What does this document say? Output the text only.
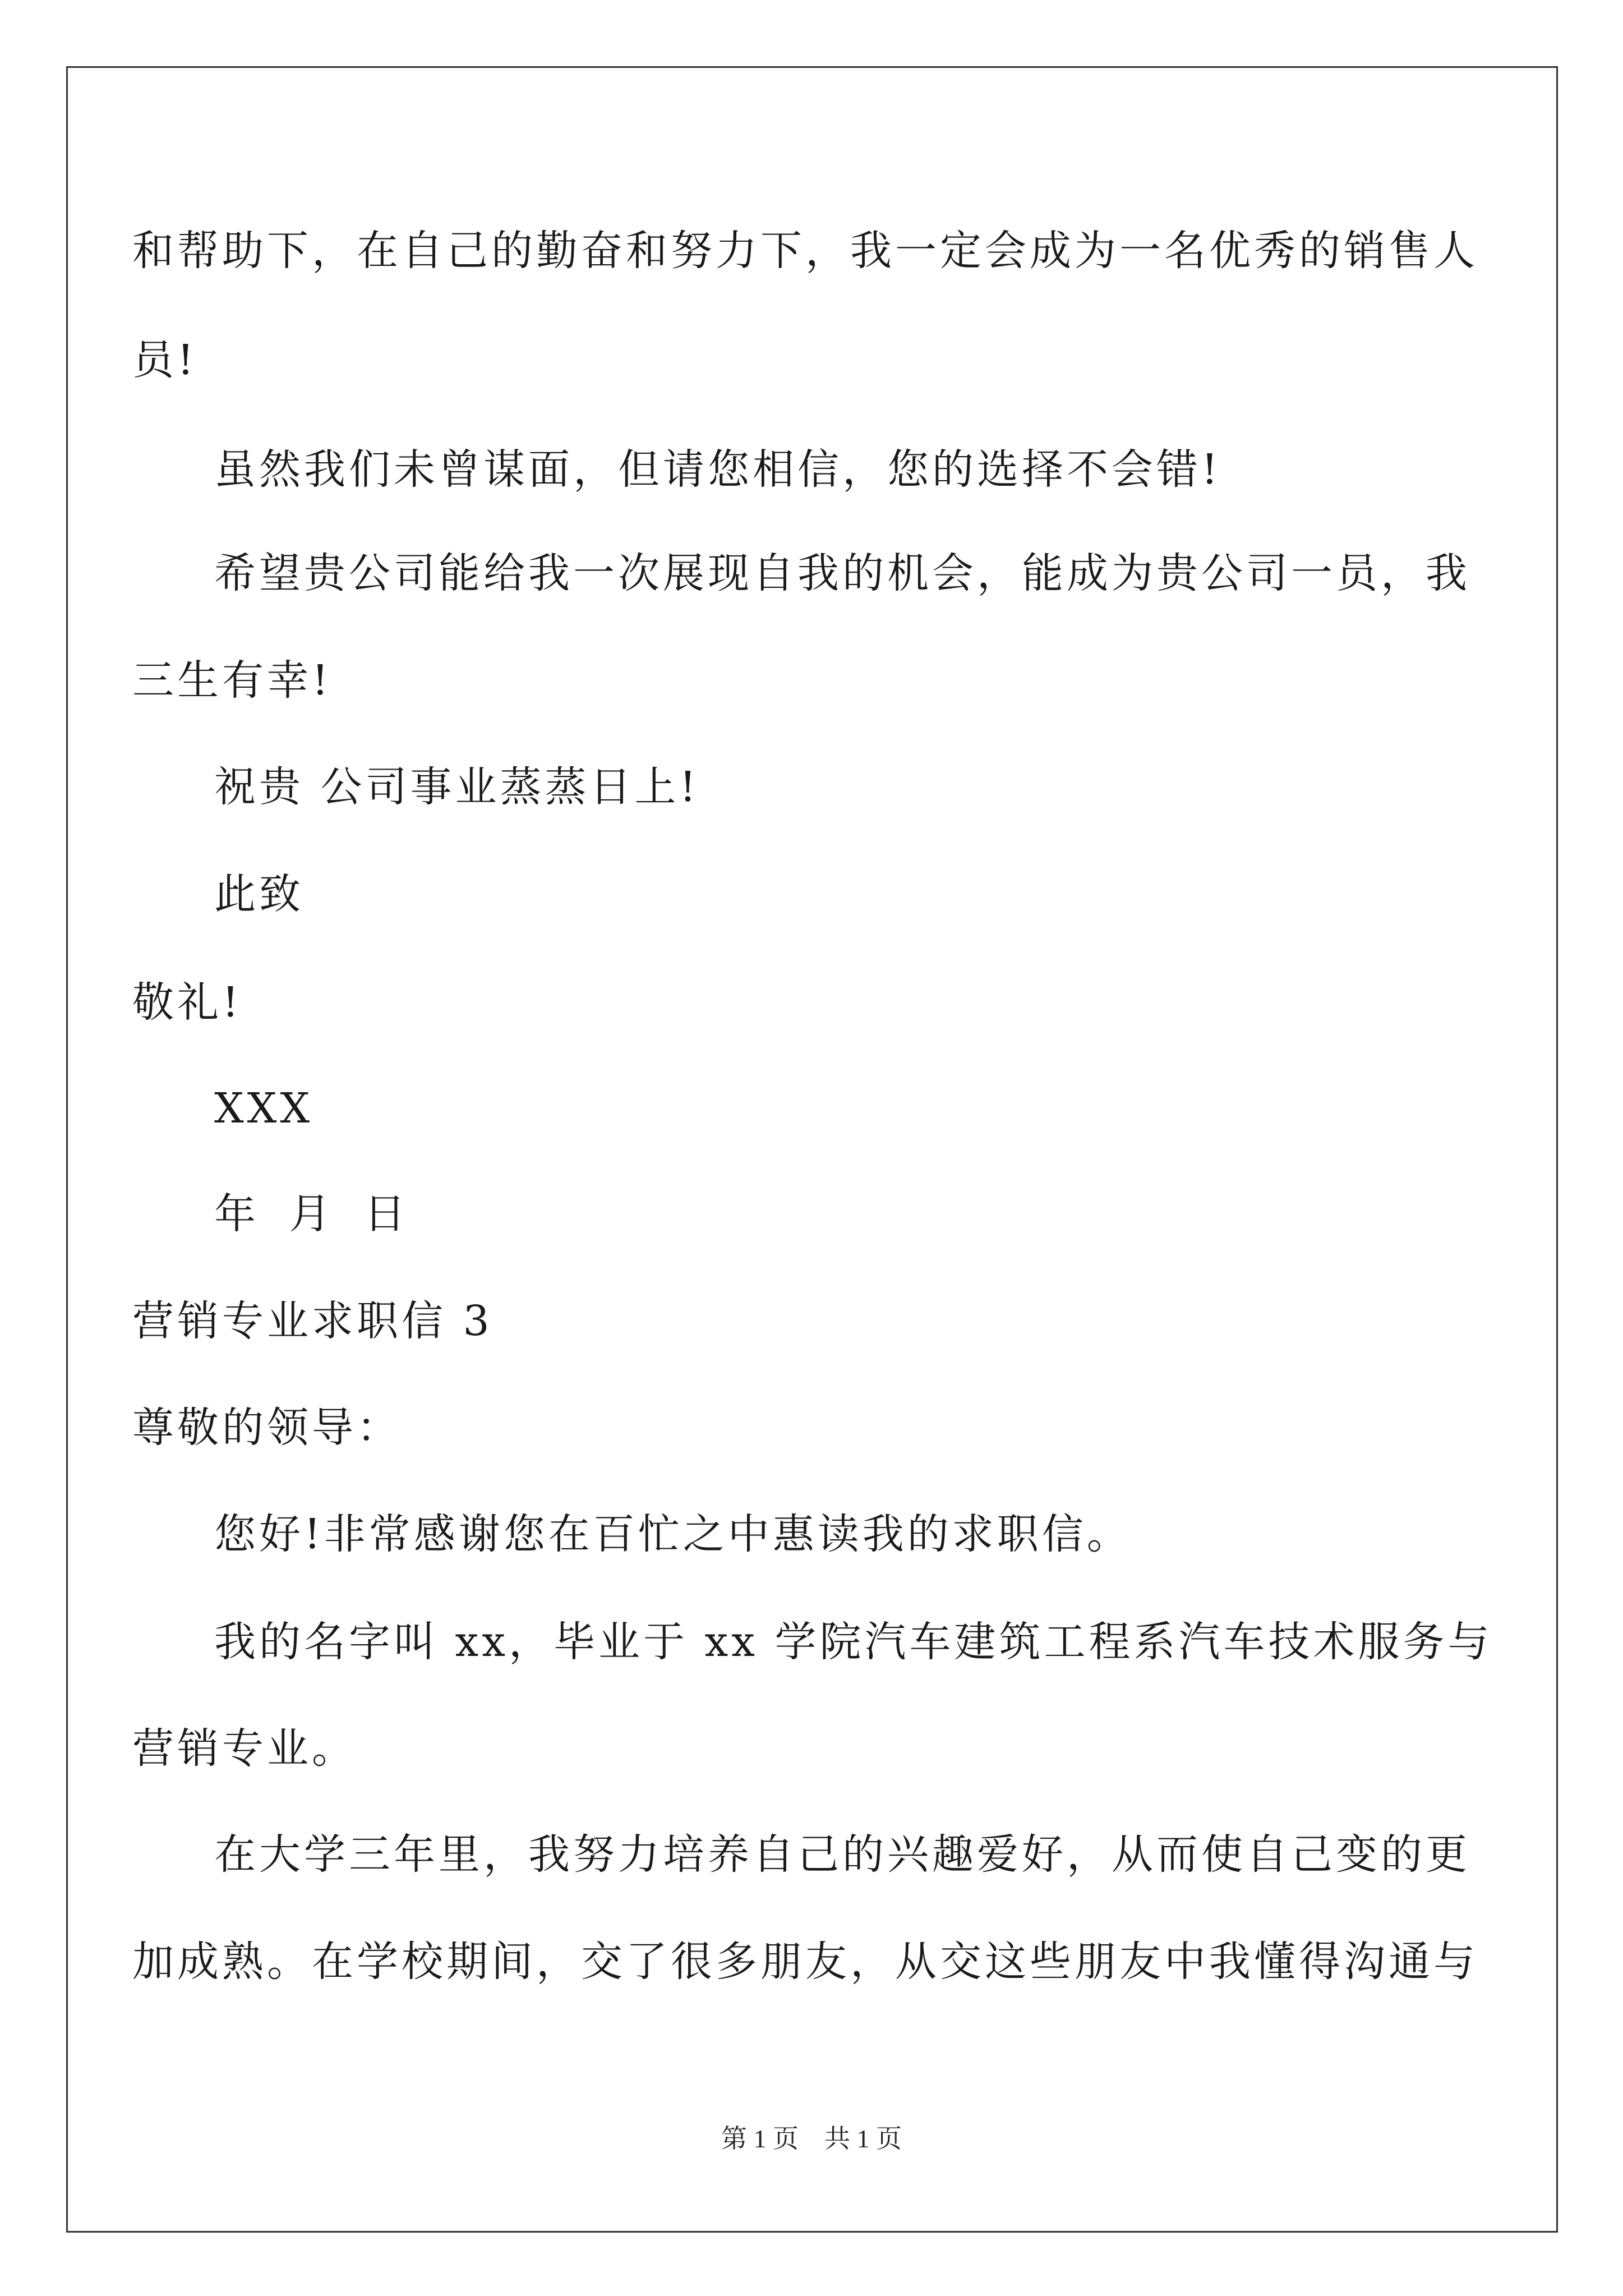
和帮助下，在自己的勤奋和努力下，我一定会成为一名优秀的销售人
员!
虽然我们未曾谋面，但请您相信，您的选择不会错!
希望贵公司能给我一次展现自我的机会，能成为贵公司一员，我
三生有幸!
祝贵 公司事业蒸蒸日上!
此致
敬礼!
XXX
年 月 日
营销专业求职信 3
尊敬的领导：
您好!非常感谢您在百忙之中惠读我的求职信。
我的名字叫 xx，毕业于 xx 学院汽车建筑工程系汽车技术服务与
营销专业。
在大学三年里，我努力培养自己的兴趣爱好，从而使自己变的更
加成熟。在学校期间，交了很多朋友，从交这些朋友中我懂得沟通与
第 1 页　共 1 页
